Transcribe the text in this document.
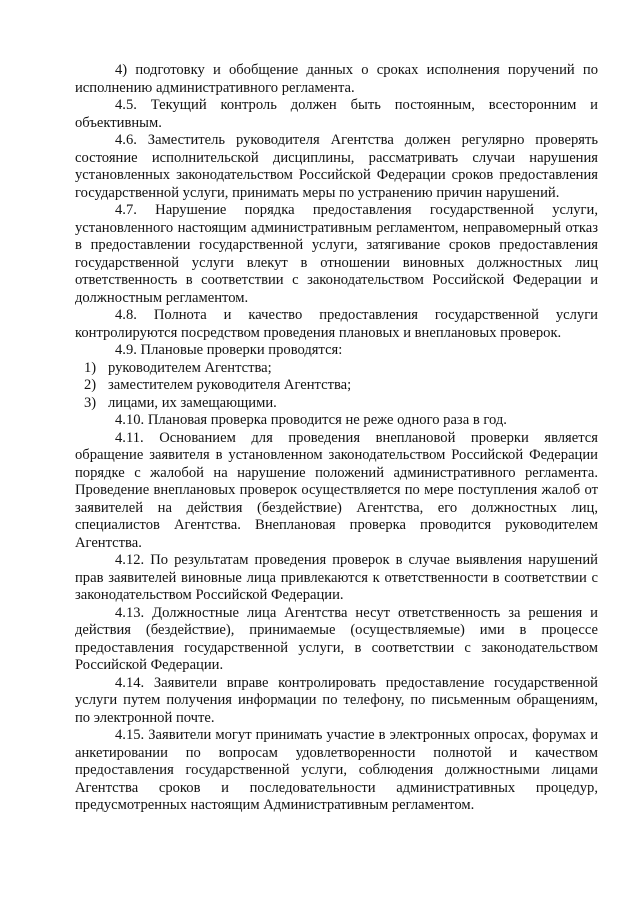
4) подготовку и обобщение данных о сроках исполнения поручений по исполнению административного регламента.

4.5. Текущий контроль должен быть постоянным, всесторонним и объективным.

4.6. Заместитель руководителя Агентства должен регулярно проверять состояние исполнительской дисциплины, рассматривать случаи нарушения установленных законодательством Российской Федерации сроков предоставления государственной услуги, принимать меры по устранению причин нарушений.

4.7. Нарушение порядка предоставления государственной услуги, установленного настоящим административным регламентом, неправомерный отказ в предоставлении государственной услуги, затягивание сроков предоставления государственной услуги влекут в отношении виновных должностных лиц ответственность в соответствии с законодательством Российской Федерации и должностным регламентом.

4.8. Полнота и качество предоставления государственной услуги контролируются посредством проведения плановых и внеплановых проверок.

4.9. Плановые проверки проводятся:

1) руководителем Агентства;

2) заместителем руководителя Агентства;

3) лицами, их замещающими.

4.10. Плановая проверка проводится не реже одного раза в год.

4.11. Основанием для проведения внеплановой проверки является обращение заявителя в установленном законодательством Российской Федерации порядке с жалобой на нарушение положений административного регламента. Проведение внеплановых проверок осуществляется по мере поступления жалоб от заявителей на действия (бездействие) Агентства, его должностных лиц, специалистов Агентства. Внеплановая проверка проводится руководителем Агентства.

4.12. По результатам проведения проверок в случае выявления нарушений прав заявителей виновные лица привлекаются к ответственности в соответствии с законодательством Российской Федерации.

4.13. Должностные лица Агентства несут ответственность за решения и действия (бездействие), принимаемые (осуществляемые) ими в процессе предоставления государственной услуги, в соответствии с законодательством Российской Федерации.

4.14. Заявители вправе контролировать предоставление государственной услуги путем получения информации по телефону, по письменным обращениям, по электронной почте.

4.15. Заявители могут принимать участие в электронных опросах, форумах и анкетировании по вопросам удовлетворенности полнотой и качеством предоставления государственной услуги, соблюдения должностными лицами Агентства сроков и последовательности административных процедур, предусмотренных настоящим Административным регламентом.
